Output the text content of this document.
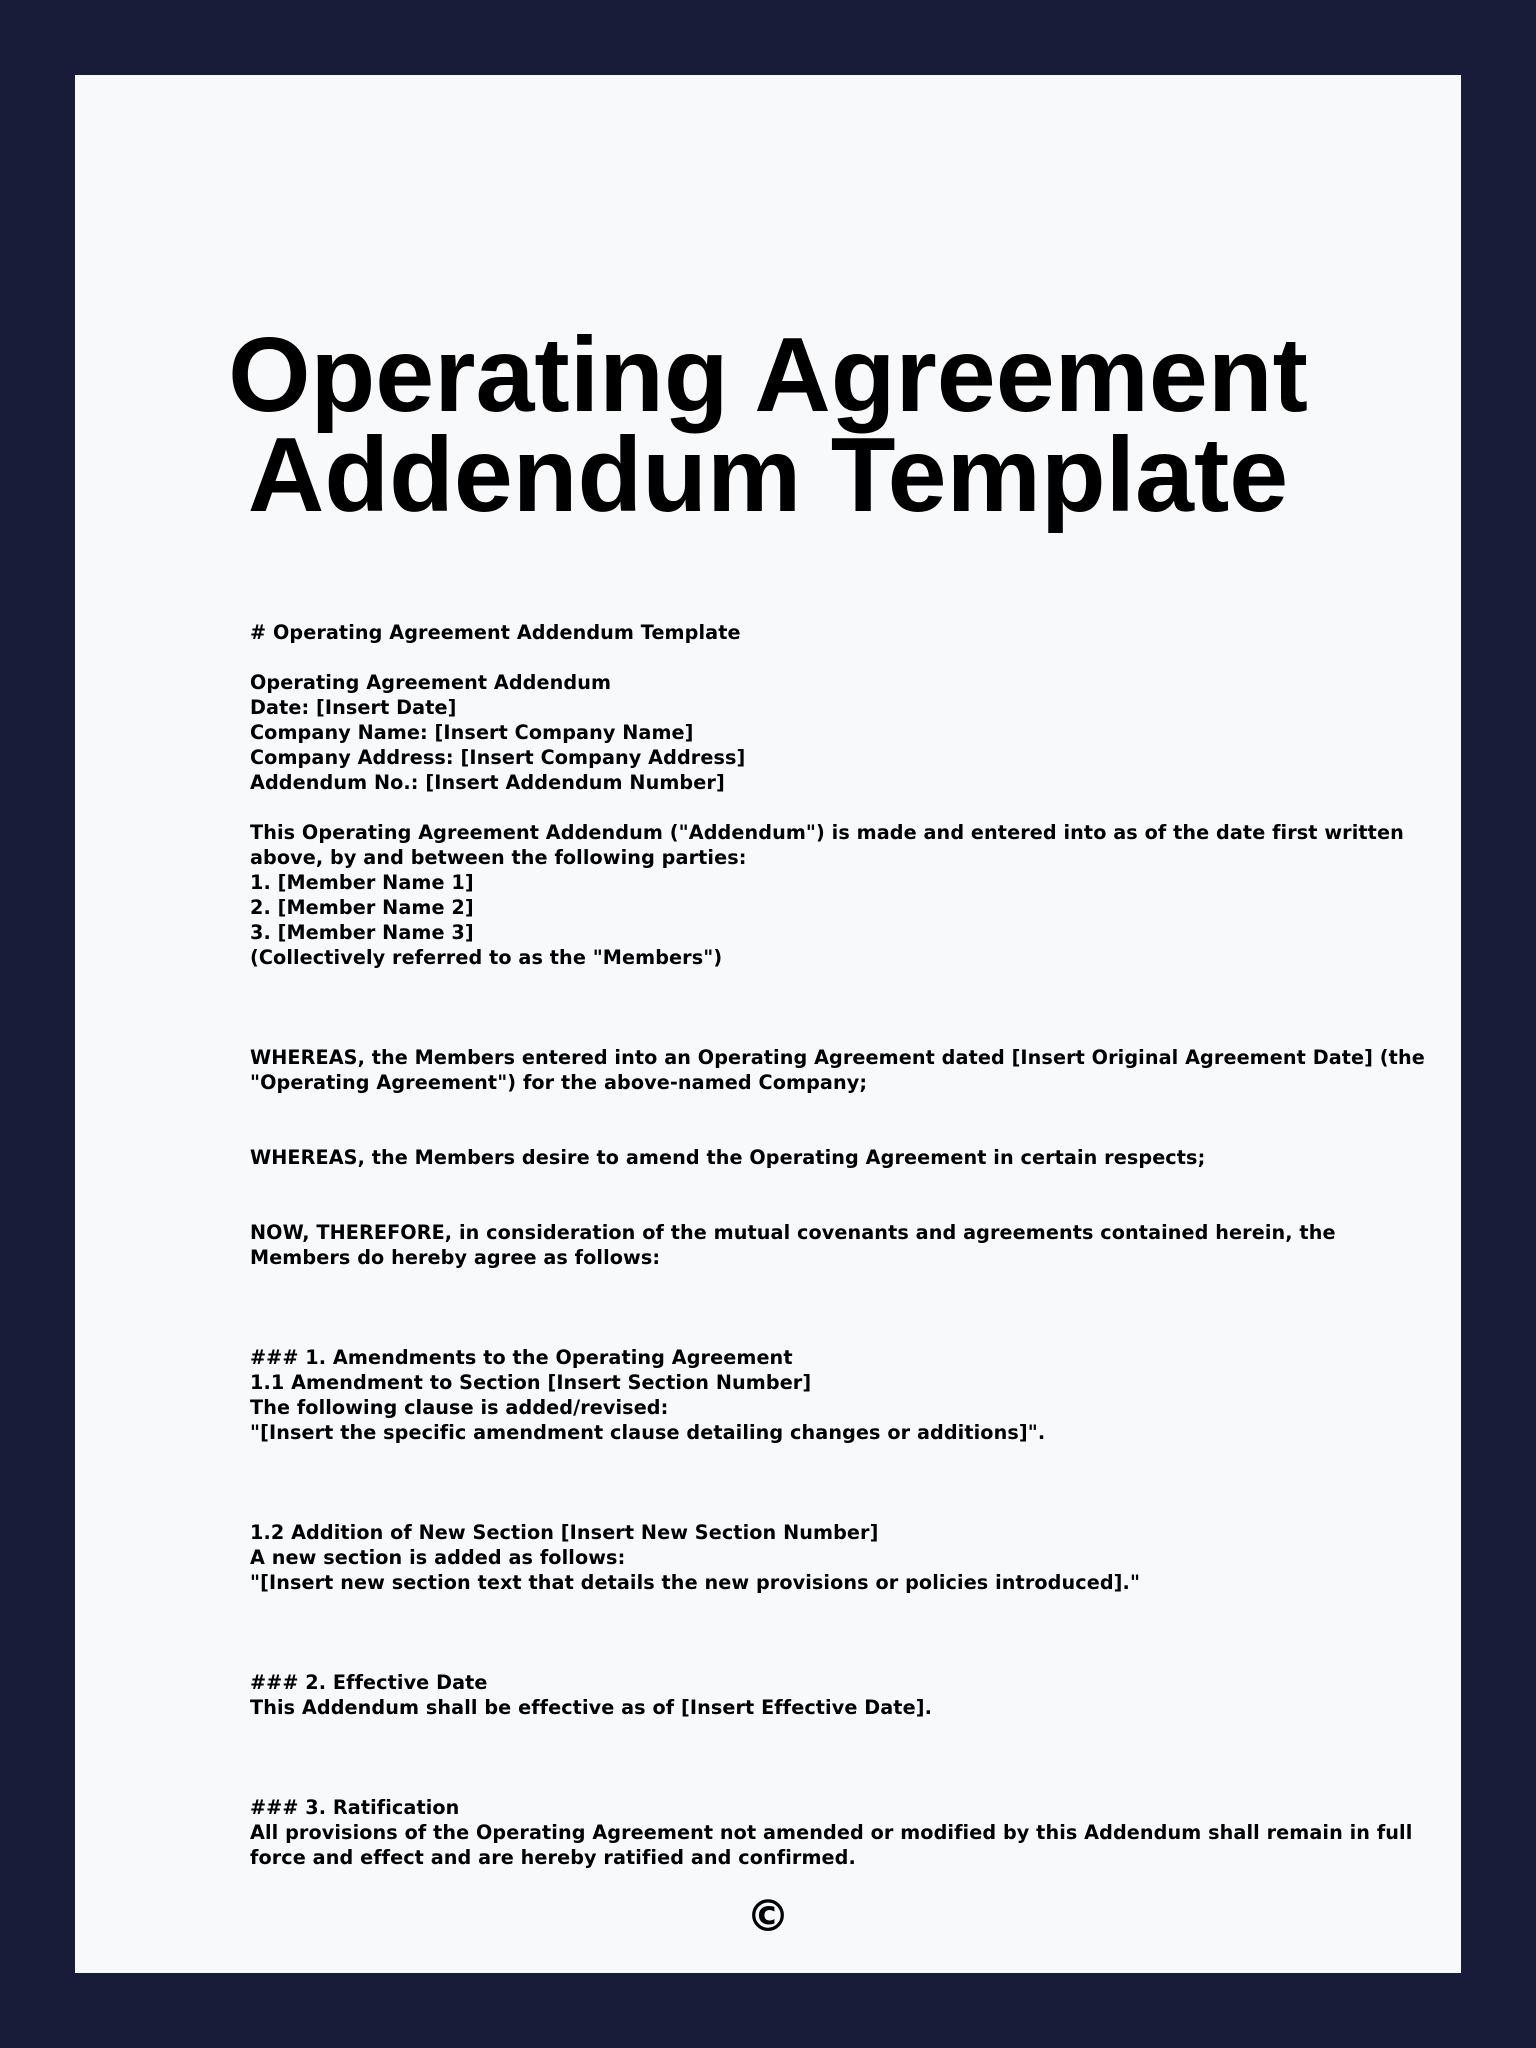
Operating Agreement
Addendum Template
# Operating Agreement Addendum Template
Operating Agreement Addendum
Date: [Insert Date]
Company Name: [Insert Company Name]
Company Address: [Insert Company Address]
Addendum No.: [Insert Addendum Number]
This Operating Agreement Addendum ("Addendum") is made and entered into as of the date first written
above, by and between the following parties:
1. [Member Name 1]
2. [Member Name 2]
3. [Member Name 3]
(Collectively referred to as the "Members")
WHEREAS, the Members entered into an Operating Agreement dated [Insert Original Agreement Date] (the
"Operating Agreement") for the above-named Company;
WHEREAS, the Members desire to amend the Operating Agreement in certain respects;
NOW, THEREFORE, in consideration of the mutual covenants and agreements contained herein, the
Members do hereby agree as follows:
### 1. Amendments to the Operating Agreement
1.1 Amendment to Section [Insert Section Number]
The following clause is added/revised:
"[Insert the specific amendment clause detailing changes or additions]".
1.2 Addition of New Section [Insert New Section Number]
A new section is added as follows:
"[Insert new section text that details the new provisions or policies introduced]."
### 2. Effective Date
This Addendum shall be effective as of [Insert Effective Date].
### 3. Ratification
All provisions of the Operating Agreement not amended or modified by this Addendum shall remain in full
force and effect and are hereby ratified and confirmed.
©
